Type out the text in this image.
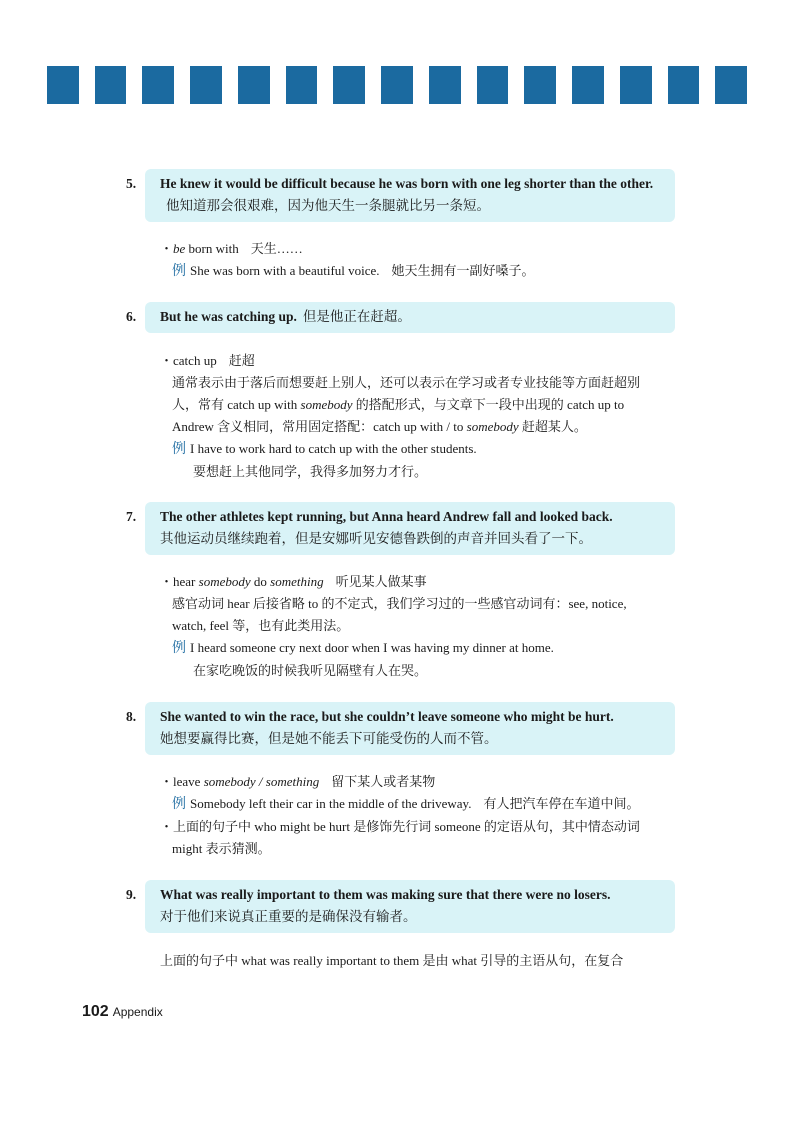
5.	He knew it would be difficult because he was born with one leg shorter than the other.他知道那会很艰难，因为他天生一条腿就比另一条短。
・be born with 天生……
例 She was born with a beautiful voice. 她天生拥有一副好嗓子。
6.	But he was catching up. 但是他正在赶超。
・catch up 赶超
通常表示由于落后而想要赶上别人，还可以表示在学习或者专业技能等方面赶超别
人，常有 catch up with somebody 的搭配形式，与文章下一段中出现的 catch up to
Andrew 含义相同，常用固定搭配：catch up with / to somebody 赶超某人。
例 I have to work hard to catch up with the other students.
要想赶上其他同学，我得多加努力才行。
7. The other athletes kept running, but Anna heard Andrew fall and looked back.
其他运动员继续跑着，但是安娜听见安德鲁跌倒的声音并回头看了一下。
・hear somebody do something 听见某人做某事
感官动词 hear 后接省略 to 的不定式，我们学习过的一些感官动词有：see, notice,
watch, feel 等，也有此类用法。
例 I heard someone cry next door when I was having my dinner at home.
在家吃晚饭的时候我听见隔壁有人在哭。
8. She wanted to win the race, but she couldn’t leave someone who might be hurt.
她想要赢得比赛，但是她不能丢下可能受伤的人而不管。
・leave somebody / something 留下某人或者某物
例 Somebody left their car in the middle of the driveway. 有人把汽车停在车道中间。
・上面的句子中 who might be hurt 是修饰先行词 someone 的定语从句，其中情态动词
might 表示猜测。
9. What was really important to them was making sure that there were no losers.
对于他们来说真正重要的是确保没有输者。
上面的句子中 what was really important to them 是由 what 引导的主语从句，在复合
102 Appendix
